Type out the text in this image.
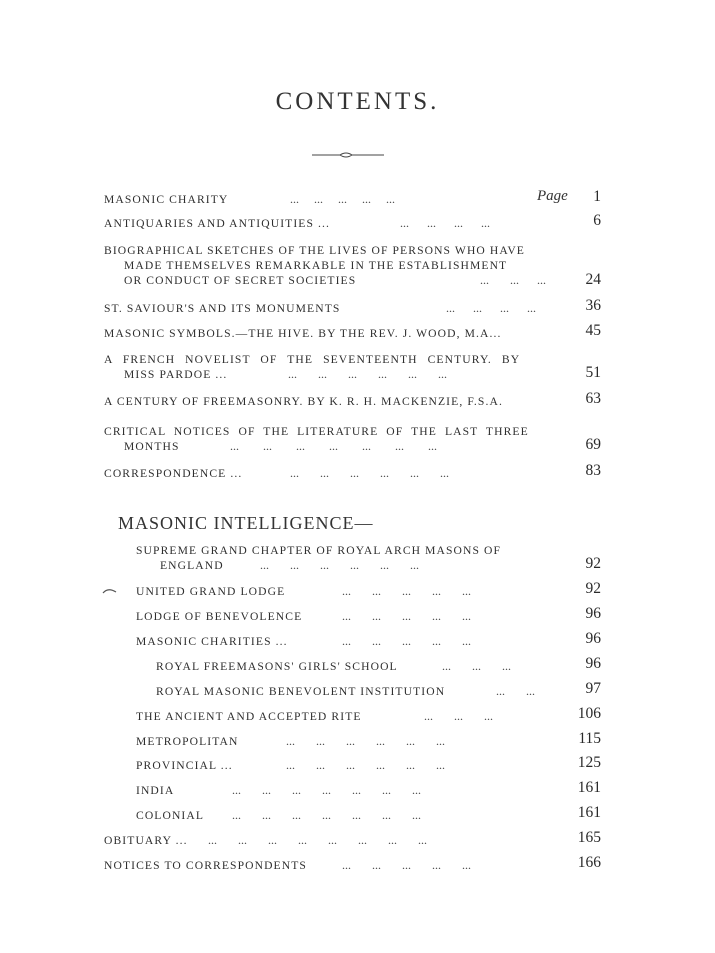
CONTENTS.
MASONIC CHARITY	... ... ... ... ...	Page 1
ANTIQUARIES AND ANTIQUITIES ...	... ... ... ...	6
BIOGRAPHICAL SKETCHES OF THE LIVES OF PERSONS WHO HAVE
MADE THEMSELVES REMARKABLE IN THE ESTABLISHMENT
OR CONDUCT OF SECRET SOCIETIES	... ... ...	24
ST. SAVIOUR'S AND ITS MONUMENTS	... ... ... ...	36
MASONIC SYMBOLS.—THE HIVE. BY THE REV. J. WOOD, M.A...	45
A FRENCH NOVELIST OF THE SEVENTEENTH CENTURY. BY
MISS PARDOE ...	... ... ... ... ... ...	51
A CENTURY OF FREEMASONRY. BY K. R. H. MACKENZIE, F.S.A.	63
CRITICAL NOTICES OF THE LITERATURE OF THE LAST THREE
MONTHS	... ... ... ... ... ... ...	69
CORRESPONDENCE ...	... ... ... ... ... ...	83
MASONIC INTELLIGENCE—
SUPREME GRAND CHAPTER OF ROYAL ARCH MASONS OF
ENGLAND	... ... ... ... ... ...	92
UNITED GRAND LODGE	... ... ... ... ...	92
LODGE OF BENEVOLENCE	... ... ... ... ...	96
MASONIC CHARITIES ...	... ... ... ... ...	96
ROYAL FREEMASONS' GIRLS' SCHOOL	... ... ...	96
ROYAL MASONIC BENEVOLENT INSTITUTION	... ...	97
THE ANCIENT AND ACCEPTED RITE	... ... ...	106
METROPOLITAN	... ... ... ... ... ...	115
PROVINCIAL ...	... ... ... ... ... ...	125
INDIA	... ... ... ... ... ... ...	161
COLONIAL ... ... ... ... ... ... ...	161
OBITUARY ... ... ... ... ... ... ... ... ...	165
NOTICES TO CORRESPONDENTS	... ... ... ... ...	166
